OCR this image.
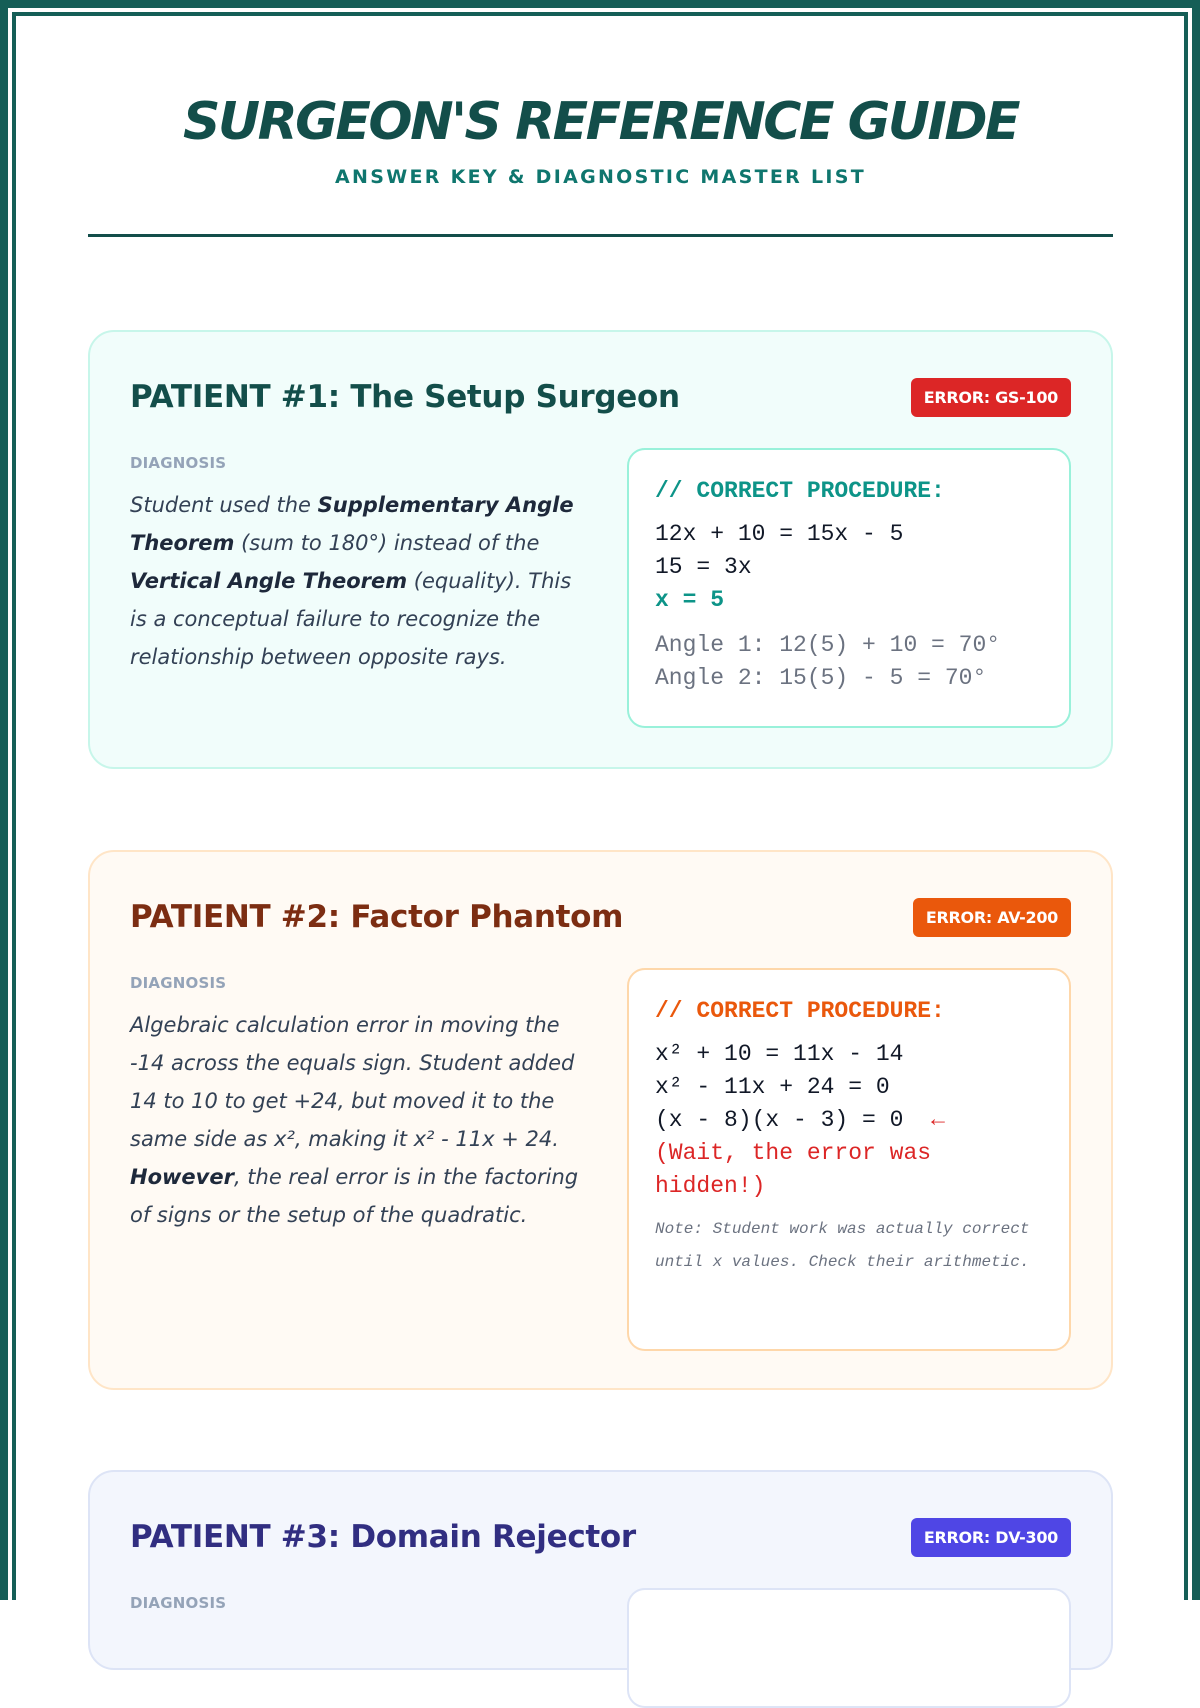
SURGEON'S REFERENCE GUIDE
ANSWER KEY & DIAGNOSTIC MASTER LIST
PATIENT #1: The Setup Surgeon	ERROR: GS-100
DIAGNOSIS
Student used the Supplementary Angle Theorem (sum to 180°) instead of the Vertical Angle Theorem (equality). This is a conceptual failure to recognize the relationship between opposite rays.
// CORRECT PROCEDURE:
12x + 10 = 15x - 5
15 = 3x
x = 5
Angle 1: 12(5) + 10 = 70°
Angle 2: 15(5) - 5 = 70°
PATIENT #2: Factor Phantom	ERROR: AV-200
DIAGNOSIS
Algebraic calculation error in moving the -14 across the equals sign. Student added 14 to 10 to get +24, but moved it to the same side as x², making it x² - 11x + 24. However, the real error is in the factoring of signs or the setup of the quadratic.
// CORRECT PROCEDURE:
x² + 10 = 11x - 14
x² - 11x + 24 = 0
(x - 8)(x - 3) = 0 ←
(Wait, the error was hidden!)
Note: Student work was actually correct until x values. Check their arithmetic.
PATIENT #3: Domain Rejector	ERROR: DV-300
DIAGNOSIS
